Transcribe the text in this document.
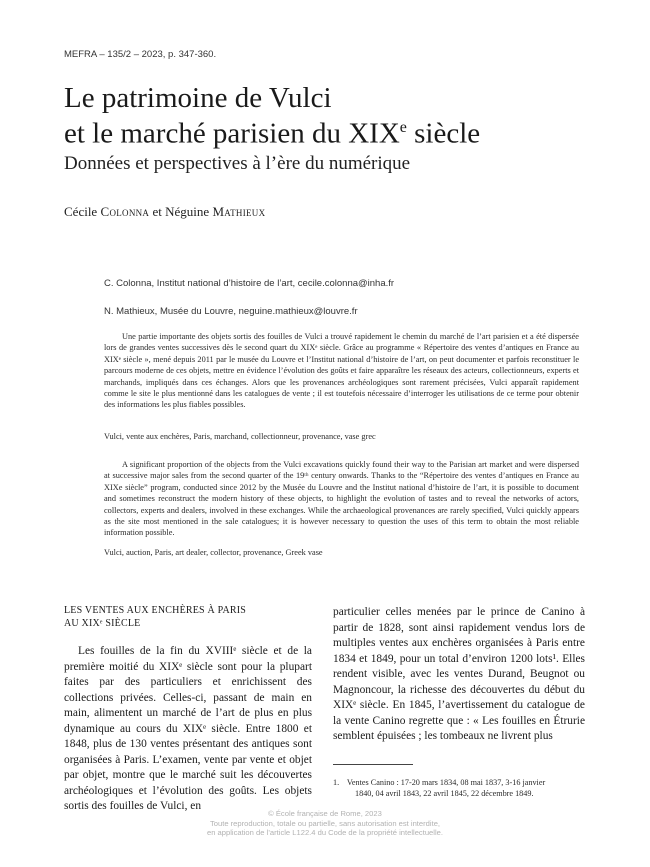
MEFRA – 135/2 – 2023, p. 347-360.
Le patrimoine de Vulci
et le marché parisien du XIXe siècle
Données et perspectives à l’ère du numérique
Cécile Colonna et Néguine Mathieux
C. Colonna, Institut national d’histoire de l’art, cecile.colonna@inha.fr
N. Mathieux, Musée du Louvre, neguine.mathieux@louvre.fr

Une partie importante des objets sortis des fouilles de Vulci a trouvé rapidement le chemin du marché de l’art parisien et a été dispersée lors de grandes ventes successives dès le second quart du XIXᵉ siècle. Grâce au programme « Répertoire des ventes d’antiques en France au XIXᵉ siècle », mené depuis 2011 par le musée du Louvre et l’Institut national d’histoire de l’art, on peut documenter et parfois reconstituer le parcours moderne de ces objets, mettre en évidence l’évolution des goûts et faire apparaître les réseaux des acteurs, collectionneurs, experts et marchands, impliqués dans ces échanges. Alors que les provenances archéologiques sont rarement précisées, Vulci apparaît rapidement comme le site le plus mentionné dans les catalogues de vente ; il est toutefois nécessaire d’interroger les utilisations de ce terme pour obtenir des informations les plus fiables possibles.

Vulci, vente aux enchères, Paris, marchand, collectionneur, provenance, vase grec

A significant proportion of the objects from the Vulci excavations quickly found their way to the Parisian art market and were dispersed at successive major sales from the second quarter of the 19ᵗʰ century onwards. Thanks to the “Répertoire des ventes d’antiques en France au XIXe siècle” program, conducted since 2012 by the Musée du Louvre and the Institut national d’histoire de l’art, it is possible to document and sometimes reconstruct the modern history of these objects, to highlight the evolution of tastes and to reveal the networks of actors, collectors, experts and dealers, involved in these exchanges. While the archaeological provenances are rarely specified, Vulci quickly appears as the site most mentioned in the sale catalogues; it is however necessary to question the uses of this term to obtain the most reliable information possible.

Vulci, auction, Paris, art dealer, collector, provenance, Greek vase
LES VENTES AUX ENCHÈRES À PARIS
AU XIXᵉ SIÈCLE

Les fouilles de la fin du XVIIIᵉ siècle et de la première moitié du XIXᵉ siècle sont pour la plupart faites par des particuliers et enrichissent des collections privées. Celles-ci, passant de main en main, alimentent un marché de l’art de plus en plus dynamique au cours du XIXᵉ siècle. Entre 1800 et 1848, plus de 130 ventes présentant des antiques sont organisées à Paris. L’examen, vente par vente et objet par objet, montre que le marché suit les découvertes archéologiques et l’évolution des goûts. Les objets sortis des fouilles de Vulci, en

particulier celles menées par le prince de Canino à partir de 1828, sont ainsi rapidement vendus lors de multiples ventes aux enchères organisées à Paris entre 1834 et 1849, pour un total d’environ 1200 lots¹. Elles rendent visible, avec les ventes Durand, Beugnot ou Magnoncour, la richesse des découvertes du début du XIXᵉ siècle. En 1845, l’avertissement du catalogue de la vente Canino regrette que : « Les fouilles en Étrurie semblent épuisées ; les tombeaux ne livrent plus

1. Ventes Canino : 17-20 mars 1834, 08 mai 1837, 3-16 janvier
1840, 04 avril 1843, 22 avril 1845, 22 décembre 1849.
© École française de Rome, 2023
Toute reproduction, totale ou partielle, sans autorisation est interdite,
en application de l’article L122.4 du Code de la propriété intellectuelle.
